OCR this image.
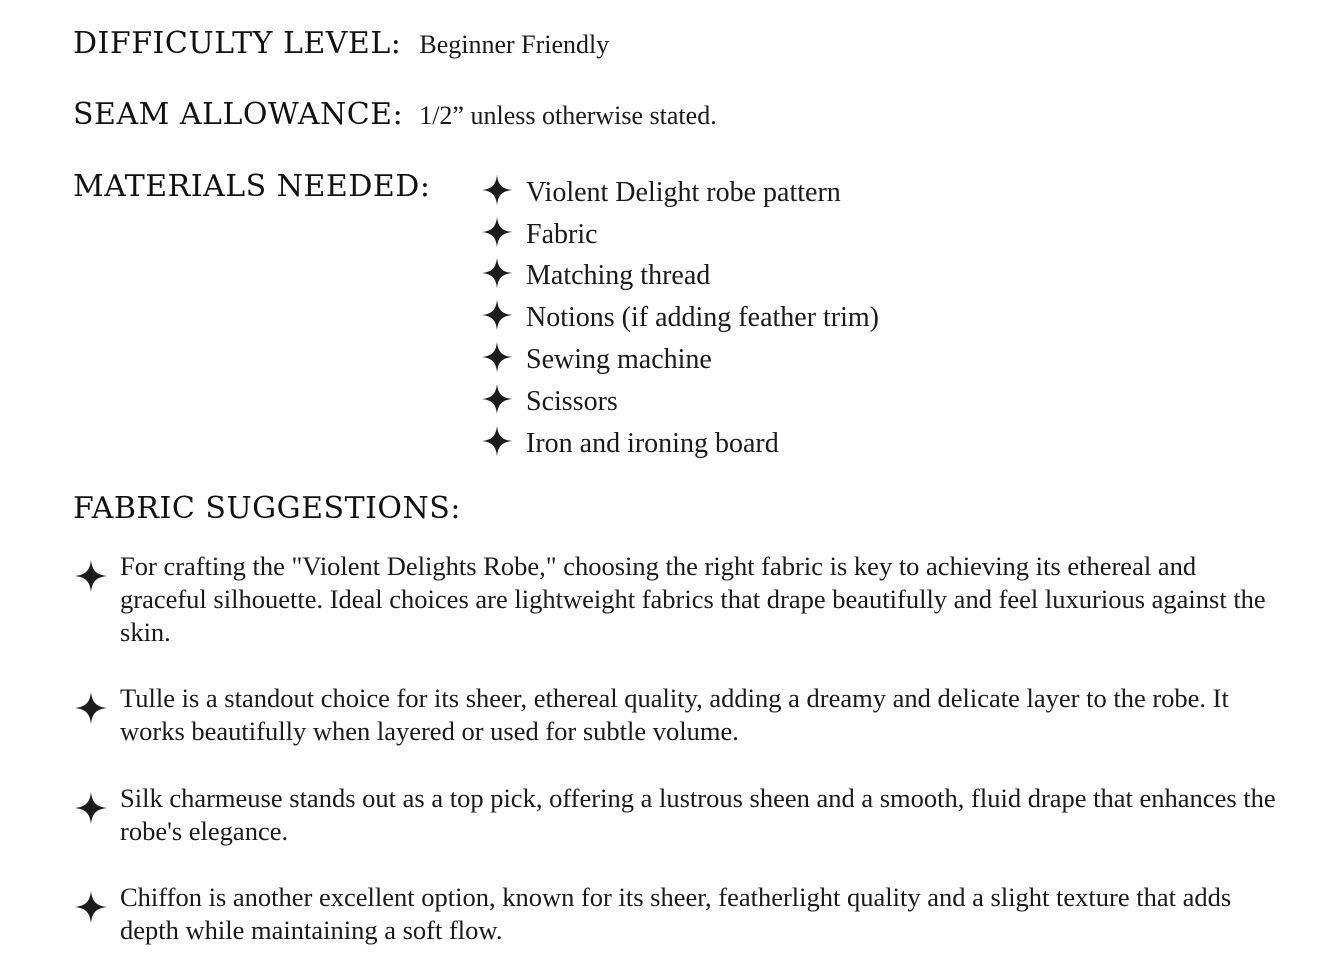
DIFFICULTY LEVEL: Beginner Friendly
SEAM ALLOWANCE: 1/2” unless otherwise stated.
MATERIALS NEEDED:	Violent Delight robe pattern
Fabric
Matching thread
Notions (if adding feather trim)
Sewing machine
Scissors
Iron and ironing board
FABRIC SUGGESTIONS:
For crafting the "Violent Delights Robe," choosing the right fabric is key to achieving its ethereal and graceful silhouette. Ideal choices are lightweight fabrics that drape beautifully and feel luxurious against the skin.
Tulle is a standout choice for its sheer, ethereal quality, adding a dreamy and delicate layer to the robe. It works beautifully when layered or used for subtle volume.
Silk charmeuse stands out as a top pick, offering a lustrous sheen and a smooth, fluid drape that enhances the robe's elegance.
Chiffon is another excellent option, known for its sheer, featherlight quality and a slight texture that adds depth while maintaining a soft flow.
